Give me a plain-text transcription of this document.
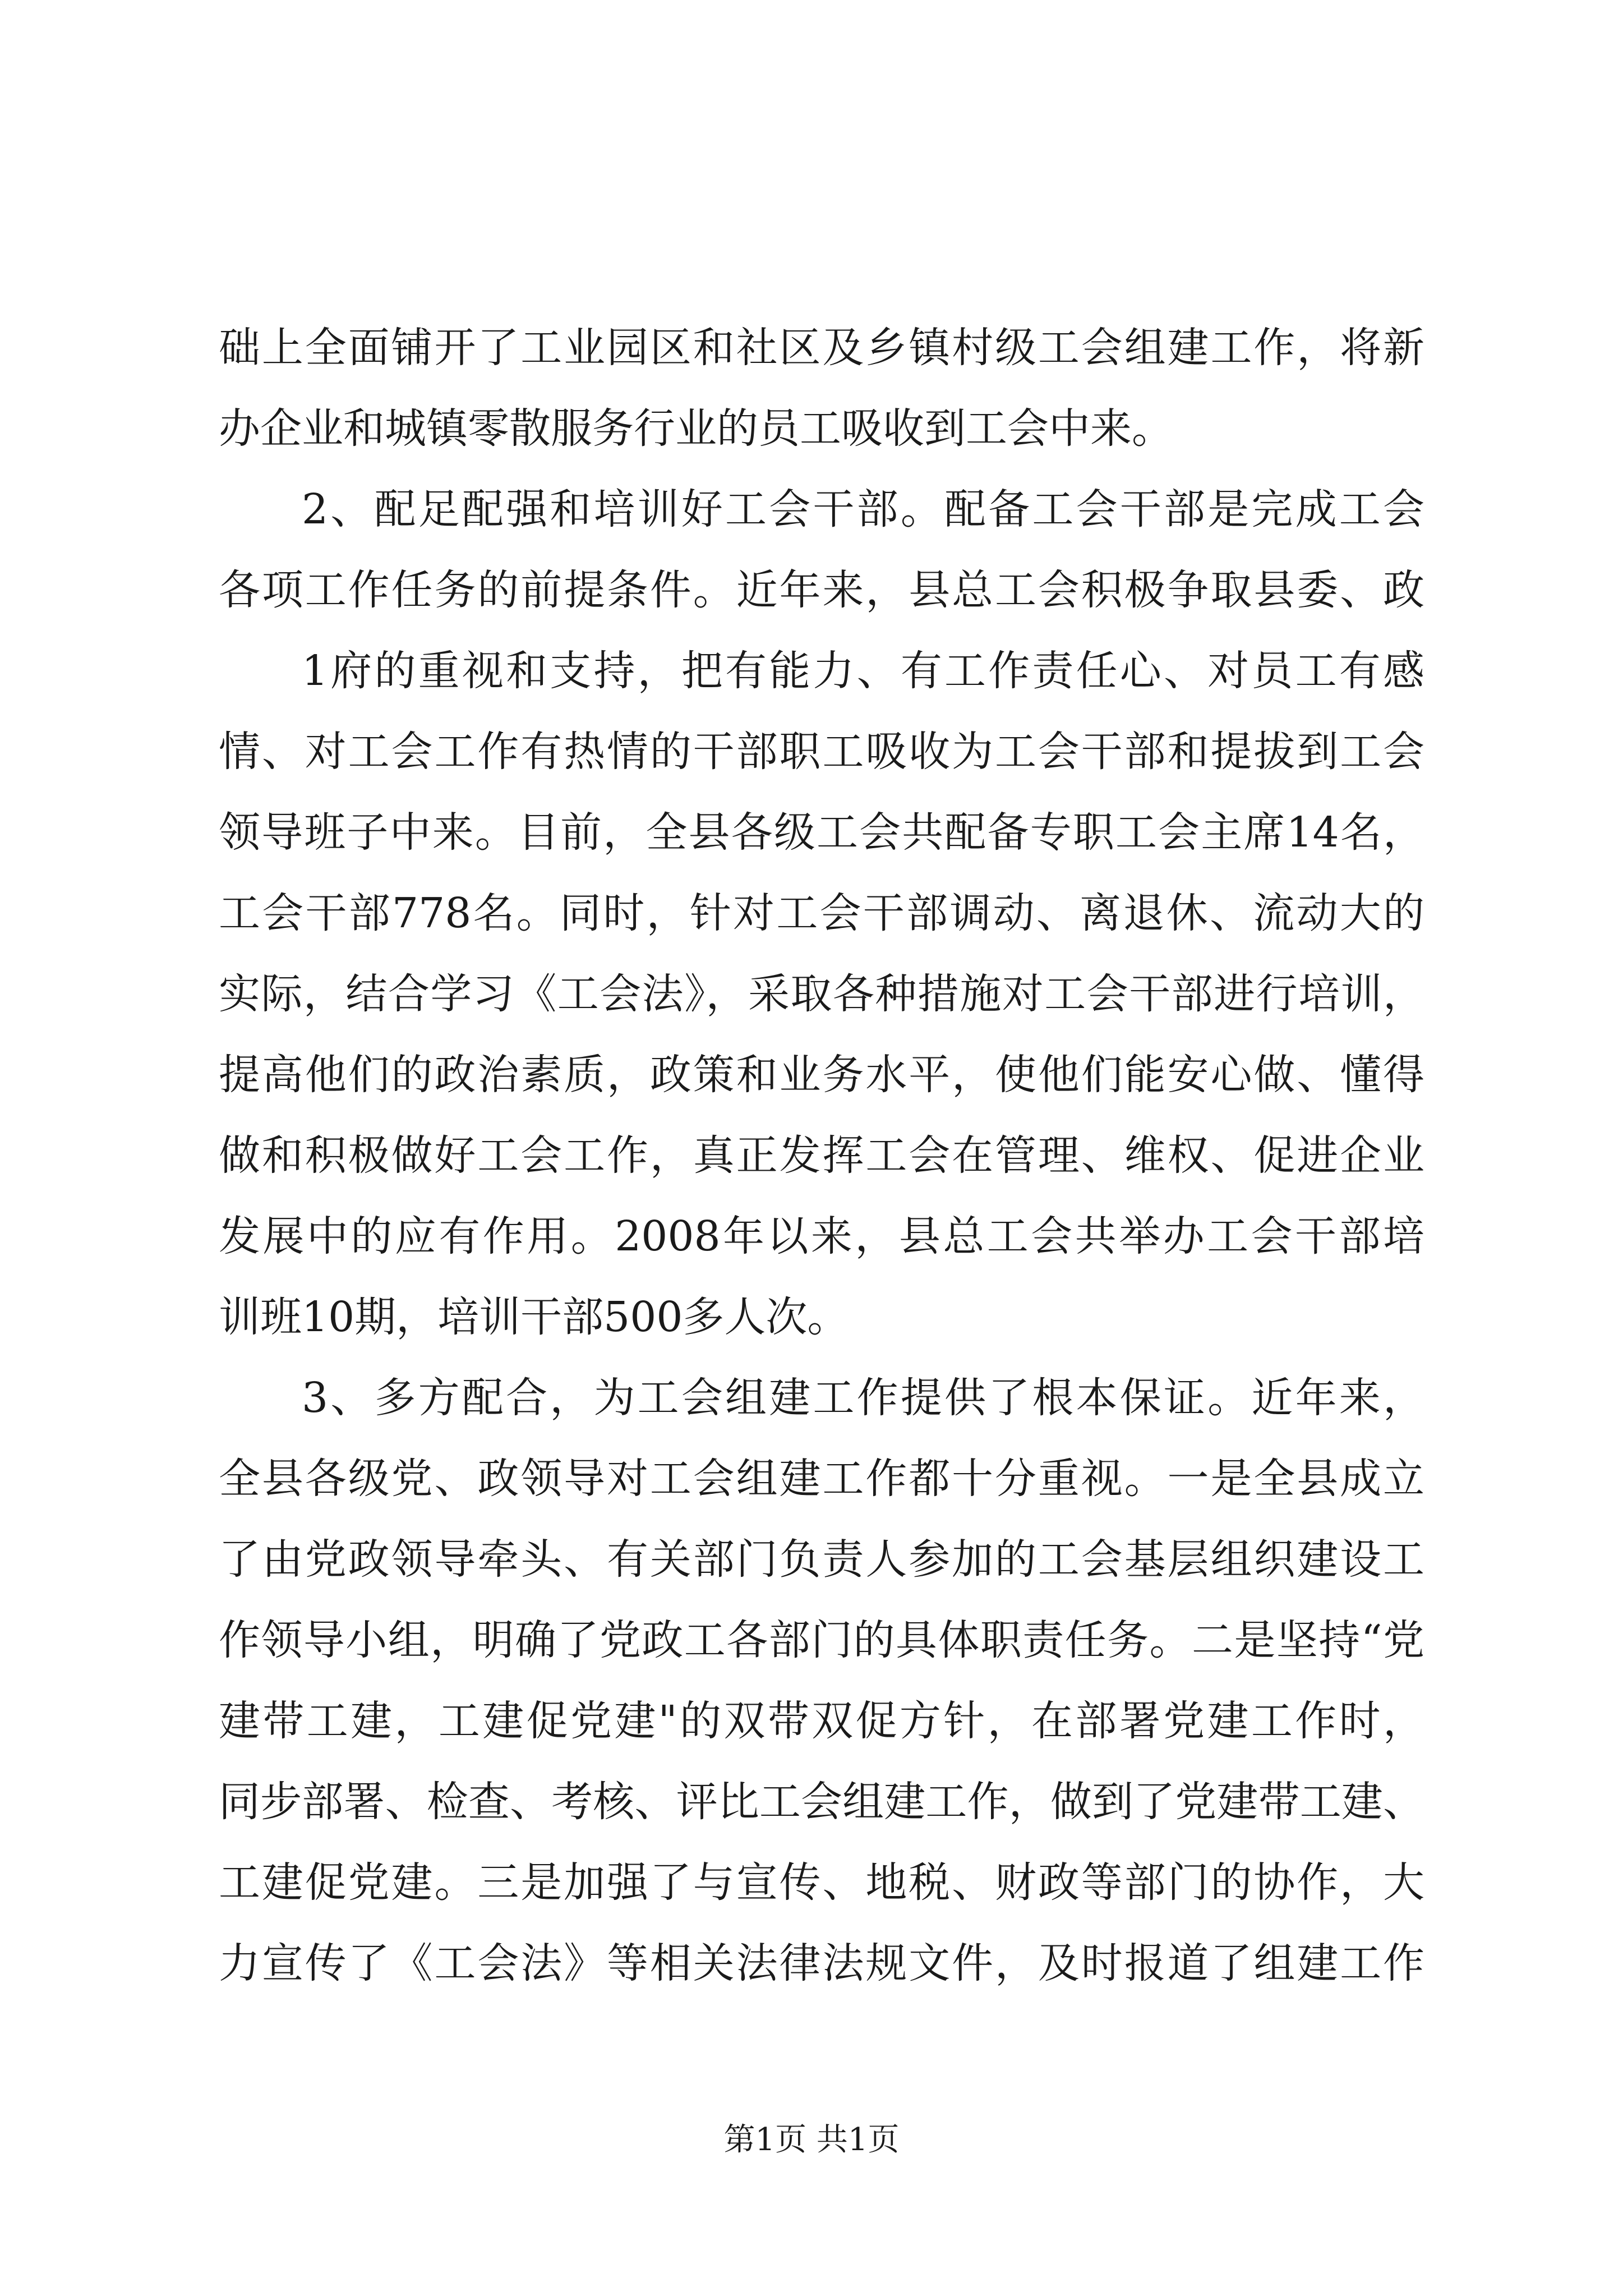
础上全面铺开了工业园区和社区及乡镇村级工会组建工作，将新
办企业和城镇零散服务行业的员工吸收到工会中来。
2、配足配强和培训好工会干部。配备工会干部是完成工会
各项工作任务的前提条件。近年来，县总工会积极争取县委、政
1府的重视和支持，把有能力、有工作责任心、对员工有感
情、对工会工作有热情的干部职工吸收为工会干部和提拔到工会
领导班子中来。目前，全县各级工会共配备专职工会主席14名，
工会干部778名。同时，针对工会干部调动、离退休、流动大的
实际，结合学习《工会法》，采取各种措施对工会干部进行培训，
提高他们的政治素质，政策和业务水平，使他们能安心做、懂得
做和积极做好工会工作，真正发挥工会在管理、维权、促进企业
发展中的应有作用。2008年以来，县总工会共举办工会干部培
训班10期，培训干部500多人次。
3、多方配合，为工会组建工作提供了根本保证。近年来，
全县各级党、政领导对工会组建工作都十分重视。一是全县成立
了由党政领导牵头、有关部门负责人参加的工会基层组织建设工
作领导小组，明确了党政工各部门的具体职责任务。二是坚持“党
建带工建，工建促党建"的双带双促方针，在部署党建工作时，
同步部署、检查、考核、评比工会组建工作，做到了党建带工建、
工建促党建。三是加强了与宣传、地税、财政等部门的协作，大
力宣传了《工会法》等相关法律法规文件，及时报道了组建工作
第1页 共1页
